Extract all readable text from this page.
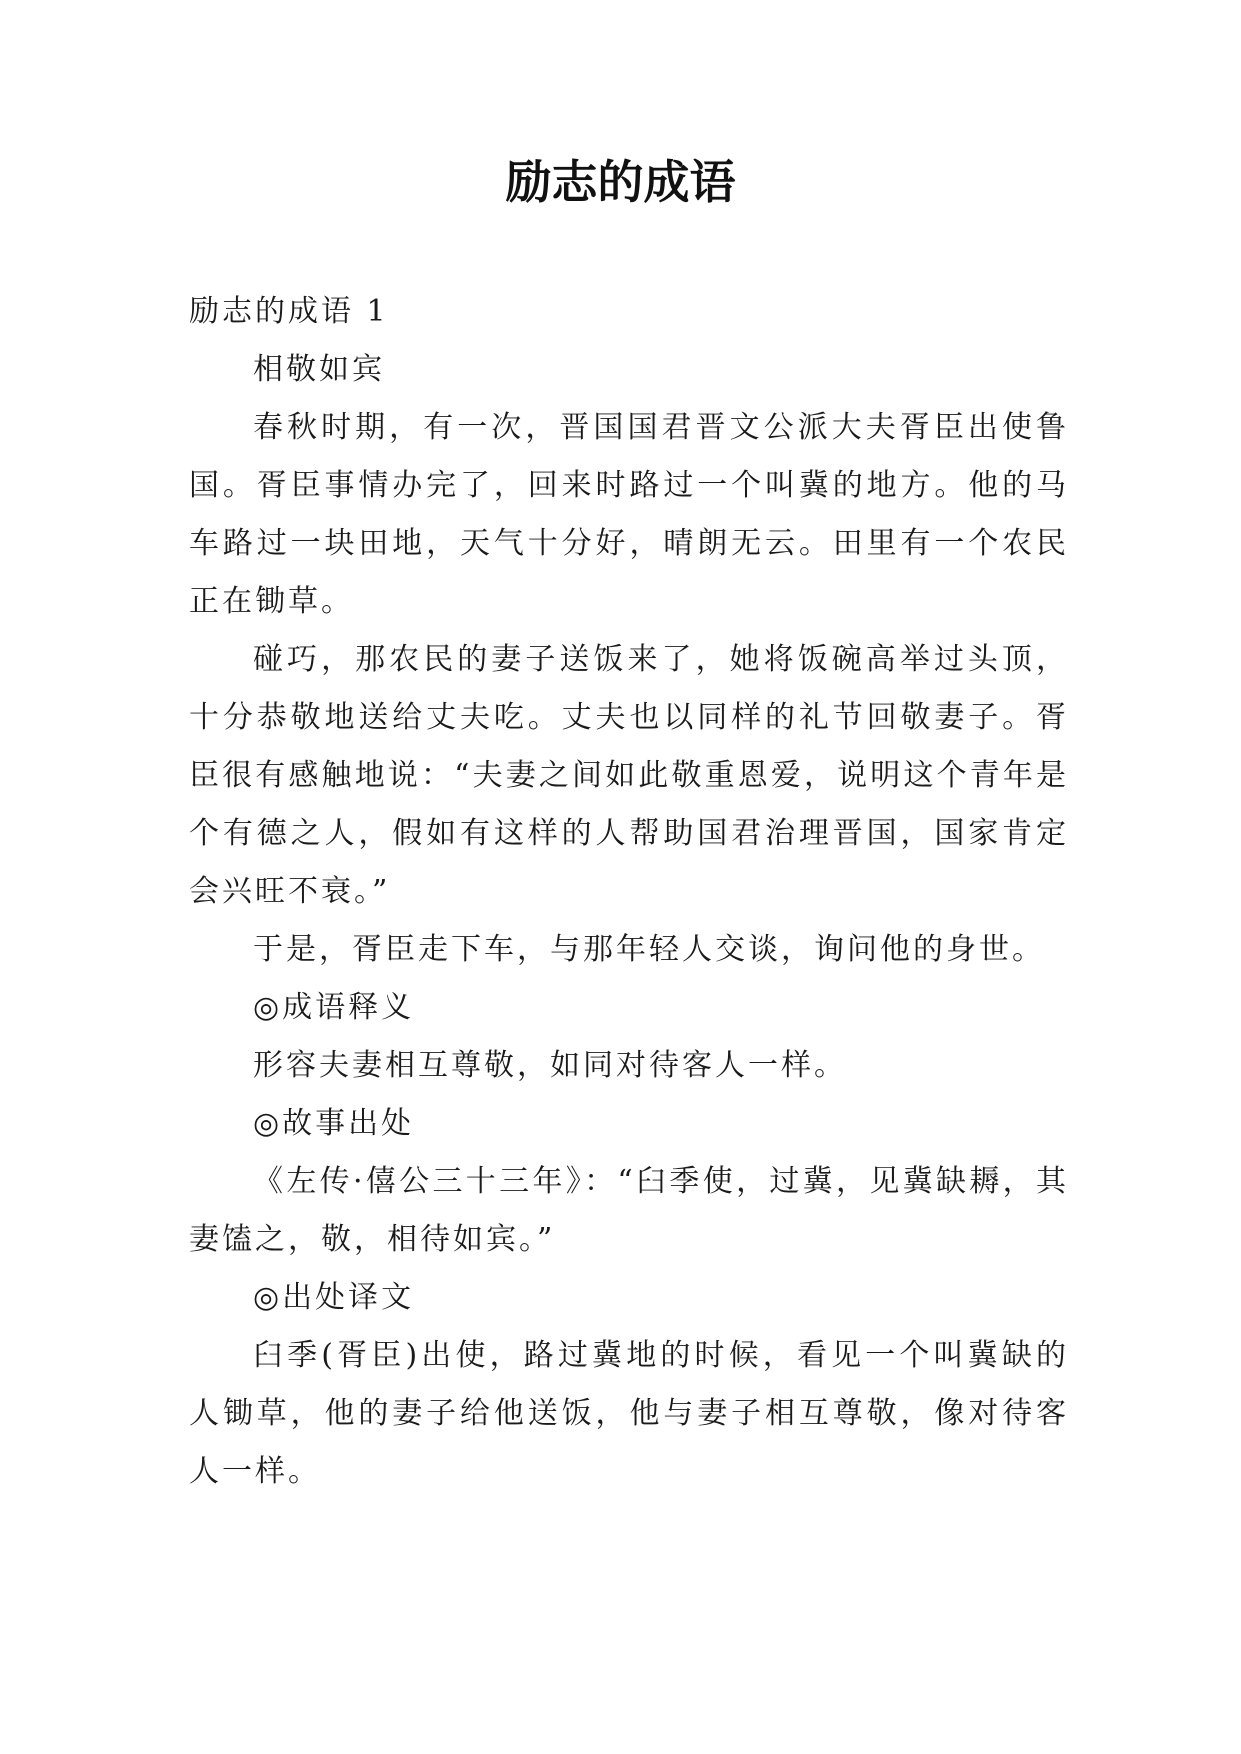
励志的成语

励志的成语 1

相敬如宾

春秋时期，有一次，晋国国君晋文公派大夫胥臣出使鲁国。胥臣事情办完了，回来时路过一个叫冀的地方。他的马车路过一块田地，天气十分好，晴朗无云。田里有一个农民正在锄草。

碰巧，那农民的妻子送饭来了，她将饭碗高举过头顶，十分恭敬地送给丈夫吃。丈夫也以同样的礼节回敬妻子。胥臣很有感触地说：“夫妻之间如此敬重恩爱，说明这个青年是个有德之人，假如有这样的人帮助国君治理晋国，国家肯定会兴旺不衰。”

于是，胥臣走下车，与那年轻人交谈，询问他的身世。

◎成语释义

形容夫妻相互尊敬，如同对待客人一样。

◎故事出处

《左传·僖公三十三年》：“臼季使，过冀，见冀缺耨，其妻馌之，敬，相待如宾。”

◎出处译文

臼季(胥臣)出使，路过冀地的时候，看见一个叫冀缺的人锄草，他的妻子给他送饭，他与妻子相互尊敬，像对待客人一样。
